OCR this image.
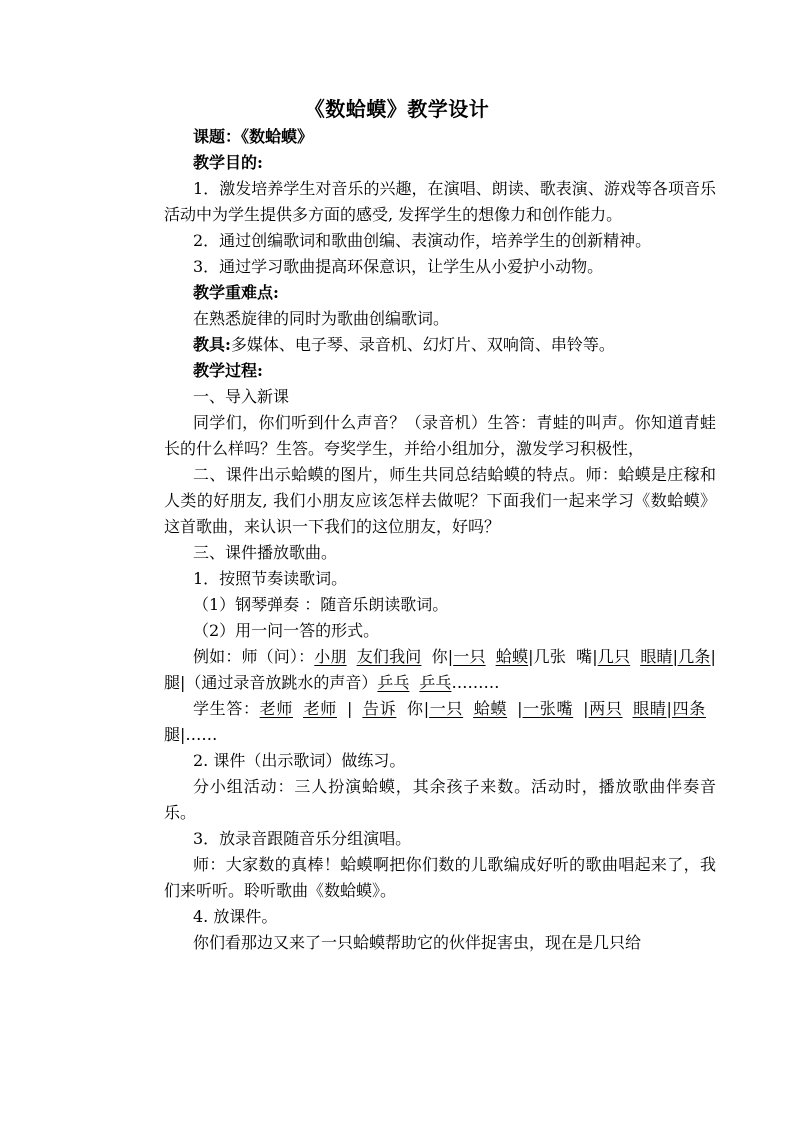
《数蛤蟆》教学设计

课题：《数蛤蟆》

教学目的:

1．激发培养学生对音乐的兴趣，在演唱、朗读、歌表演、游戏等各项音乐活动中为学生提供多方面的感受, 发挥学生的想像力和创作能力。

2．通过创编歌词和歌曲创编、表演动作，培养学生的创新精神。

3．通过学习歌曲提高环保意识，让学生从小爱护小动物。

教学重难点:

在熟悉旋律的同时为歌曲创编歌词。

教具:多媒体、电子琴、录音机、幻灯片、双响筒、串铃等。

教学过程:

一、导入新课

同学们，你们听到什么声音？（录音机）生答：青蛙的叫声。你知道青蛙长的什么样吗？生答。夸奖学生，并给小组加分，激发学习积极性，

二、课件出示蛤蟆的图片，师生共同总结蛤蟆的特点。师：蛤蟆是庄稼和人类的好朋友, 我们小朋友应该怎样去做呢？下面我们一起来学习《数蛤蟆》这首歌曲，来认识一下我们的这位朋友，好吗？

三、课件播放歌曲。

1．按照节奏读歌词。

（1）钢琴弹奏 ：随音乐朗读歌词。

（2）用一问一答的形式。

例如：师（问）：小朋 友们我问 你|一只 蛤蟆|几张 嘴|几只 眼睛|几条|腿|（通过录音放跳水的声音）乒乓 乒乓………

学生答：老师 老师 | 告诉 你|一只 蛤蟆 |一张嘴 |两只 眼睛|四条腿|……

2. 课件（出示歌词）做练习。

分小组活动：三人扮演蛤蟆，其余孩子来数。活动时，播放歌曲伴奏音乐。

3．放录音跟随音乐分组演唱。

师：大家数的真棒！蛤蟆啊把你们数的儿歌编成好听的歌曲唱起来了，我们来听听。聆听歌曲《数蛤蟆》。

4. 放课件。

你们看那边又来了一只蛤蟆帮助它的伙伴捉害虫，现在是几只给
